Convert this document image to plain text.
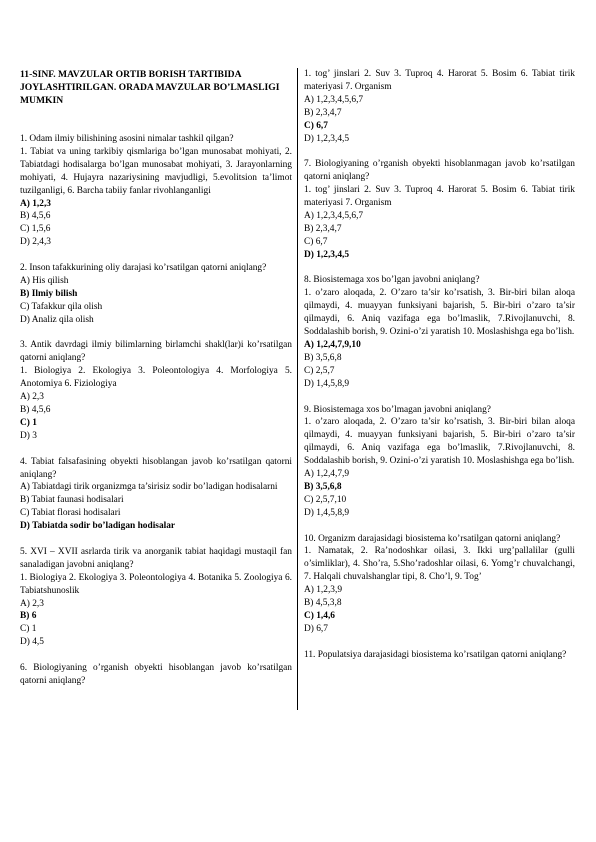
11-SINF. MAVZULAR ORTIB BORISH TARTIBIDA JOYLASHTIRILGAN. ORADA MAVZULAR BO’LMASLIGI MUMKIN
1. Odam ilmiy bilishining asosini nimalar tashkil qilgan?
1. Tabiat va uning tarkibiy qismlariga bo’lgan munosabat mohiyati, 2. Tabiatdagi hodisalarga bo’lgan munosabat mohiyati, 3. Jarayonlarning mohiyati, 4. Hujayra nazariysining mavjudligi, 5.evolitsion ta’limot tuzilganligi, 6. Barcha tabiiy fanlar rivohlanganligi
A) 1,2,3
B) 4,5,6
C) 1,5,6
D) 2,4,3
2. Inson tafakkurining oliy darajasi ko’rsatilgan qatorni aniqlang?
A) His qilish
B) Ilmiy bilish
C) Tafakkur qila olish
D) Analiz qila olish
3. Antik davrdagi ilmiy bilimlarning birlamchi shakl(lar)i ko’rsatilgan qatorni aniqlang?
1. Biologiya 2. Ekologiya 3. Poleontologiya 4. Morfologiya 5. Anotomiya 6. Fiziologiya
A) 2,3
B) 4,5,6
C) 1
D) 3
4. Tabiat falsafasining obyekti hisoblangan javob ko’rsatilgan qatorni aniqlang?
A) Tabiatdagi tirik organizmga ta’sirisiz sodir bo’ladigan hodisalarni
B) Tabiat faunasi hodisalari
C) Tabiat florasi hodisalari
D) Tabiatda sodir bo’ladigan hodisalar
5. XVI – XVII asrlarda tirik va anorganik tabiat haqidagi mustaqil fan sanaladigan javobni aniqlang?
1. Biologiya 2. Ekologiya 3. Poleontologiya 4. Botanika 5. Zoologiya 6. Tabiatshunoslik
A) 2,3
B) 6
C) 1
D) 4,5
6. Biologiyaning o’rganish obyekti hisoblangan javob ko’rsatilgan qatorni aniqlang?
1. tog’ jinslari 2. Suv 3. Tuproq 4. Harorat 5. Bosim 6. Tabiat tirik materiyasi 7. Organism
A) 1,2,3,4,5,6,7
B) 2,3,4,7
C) 6,7
D) 1,2,3,4,5
7. Biologiyaning o’rganish obyekti hisoblanmagan javob ko’rsatilgan qatorni aniqlang?
1. tog’ jinslari 2. Suv 3. Tuproq 4. Harorat 5. Bosim 6. Tabiat tirik materiyasi 7. Organism
A) 1,2,3,4,5,6,7
B) 2,3,4,7
C) 6,7
D) 1,2,3,4,5
8. Biosistemaga xos bo’lgan javobni aniqlang?
1. o’zaro aloqada, 2. O’zaro ta’sir ko’rsatish, 3. Bir-biri bilan aloqa qilmaydi, 4. muayyan funksiyani bajarish, 5. Bir-biri o’zaro ta’sir qilmaydi, 6. Aniq vazifaga ega bo’lmaslik, 7.Rivojlanuvchi, 8. Soddalashib borish, 9. Ozini-o’zi yaratish 10. Moslashishga ega bo’lish.
A) 1,2,4,7,9,10
B) 3,5,6,8
C) 2,5,7
D) 1,4,5,8,9
9. Biosistemaga xos bo’lmagan javobni aniqlang?
1. o’zaro aloqada, 2. O’zaro ta’sir ko’rsatish, 3. Bir-biri bilan aloqa qilmaydi, 4. muayyan funksiyani bajarish, 5. Bir-biri o’zaro ta’sir qilmaydi, 6. Aniq vazifaga ega bo’lmaslik, 7.Rivojlanuvchi, 8. Soddalashib borish, 9. Ozini-o’zi yaratish 10. Moslashishga ega bo’lish.
A) 1,2,4,7,9
B) 3,5,6,8
C) 2,5,7,10
D) 1,4,5,8,9
10. Organizm darajasidagi biosistema ko’rsatilgan qatorni aniqlang?
1. Namatak, 2. Ra’nodoshkar oilasi, 3. Ikki urg’pallalilar (gulli o’simliklar), 4. Sho’ra, 5.Sho’radoshlar oilasi, 6. Yomg’r chuvalchangi, 7. Halqali chuvalshanglar tipi, 8. Cho’l, 9. Tog’
A) 1,2,3,9
B) 4,5,3,8
C) 1,4,6
D) 6,7
11. Populatsiya darajasidagi biosistema ko’rsatilgan qatorni aniqlang?
